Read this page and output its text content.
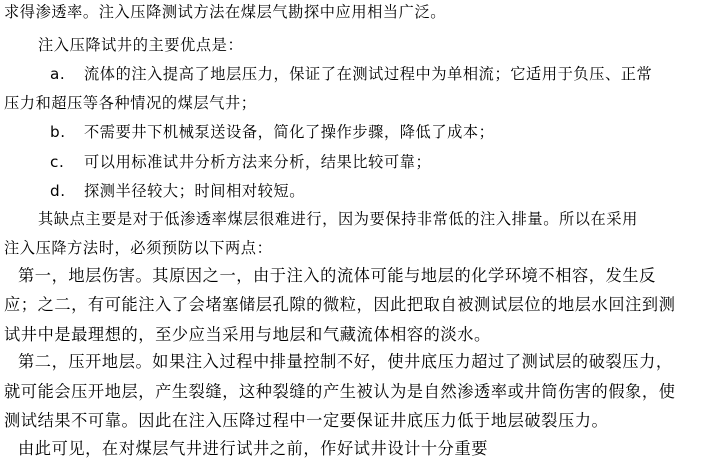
求得渗透率。注入压降测试方法在煤层气勘探中应用相当广泛。
注入压降试井的主要优点是：
a. 流体的注入提高了地层压力，保证了在测试过程中为单相流；它适用于负压、正常
压力和超压等各种情况的煤层气井；
b. 不需要井下机械泵送设备，简化了操作步骤，降低了成本；
c. 可以用标准试井分析方法来分析，结果比较可靠；
d. 探测半径较大；时间相对较短。
其缺点主要是对于低渗透率煤层很难进行，因为要保持非常低的注入排量。所以在采用
注入压降方法时，必须预防以下两点：
第一，地层伤害。其原因之一，由于注入的流体可能与地层的化学环境不相容，发生反
应；之二，有可能注入了会堵塞储层孔隙的微粒，因此把取自被测试层位的地层水回注到测
试井中是最理想的，至少应当采用与地层和气藏流体相容的淡水。
第二，压开地层。如果注入过程中排量控制不好，使井底压力超过了测试层的破裂压力，
就可能会压开地层，产生裂缝，这种裂缝的产生被认为是自然渗透率或井筒伤害的假象，使
测试结果不可靠。因此在注入压降过程中一定要保证井底压力低于地层破裂压力。
由此可见，在对煤层气井进行试井之前，作好试井设计十分重要
